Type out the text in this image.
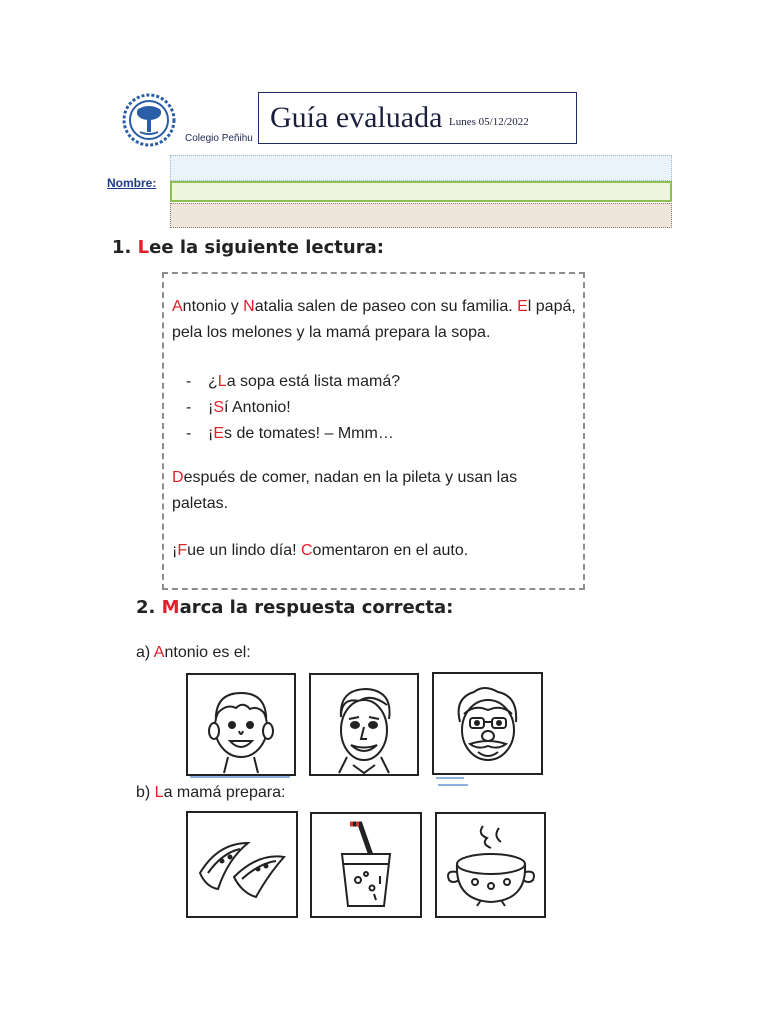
Colegio Peñihu
Guía evaluada Lunes 05/12/2022
Nombre:
1. Lee la siguiente lectura:
Antonio y Natalia salen de paseo con su familia. El papá, pela los melones y la mamá prepara la sopa.
- ¿La sopa está lista mamá?
- ¡Sí Antonio!
- ¡Es de tomates! – Mmm…
Después de comer, nadan en la pileta y usan las paletas.
¡Fue un lindo día! Comentaron en el auto.
2. Marca la respuesta correcta:
a) Antonio es el:
b) La mamá prepara:
